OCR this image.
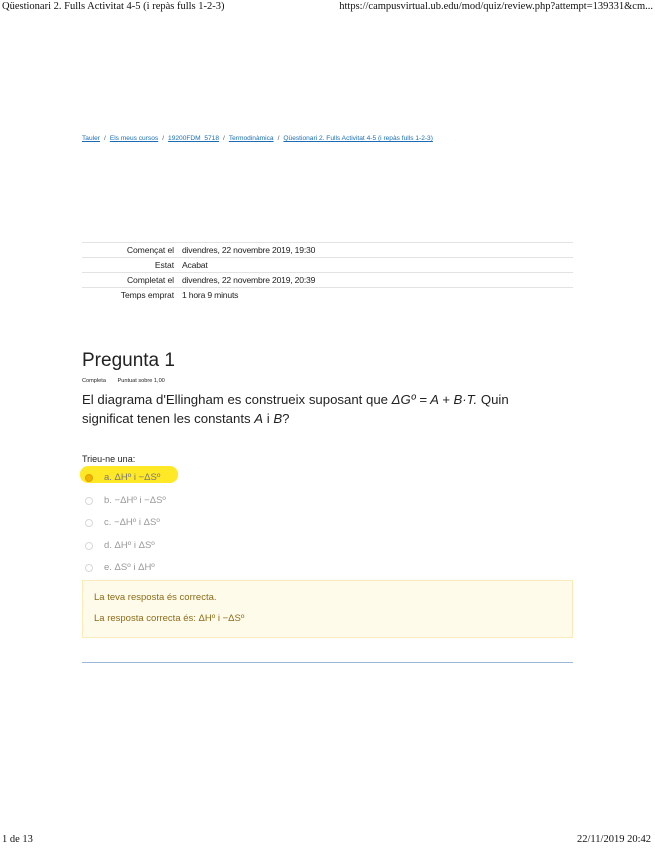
Qüestionari 2. Fulls Activitat 4-5 (i repàs fulls 1-2-3)	https://campusvirtual.ub.edu/mod/quiz/review.php?attempt=139331&cm...
Tauler / Els meus cursos / 19200FDM_5718 / Termodinàmica / Qüestionari 2. Fulls Activitat 4-5 (i repàs fulls 1-2-3)
Començat el	divendres, 22 novembre 2019, 19:30
Estat	Acabat
Completat el	divendres, 22 novembre 2019, 20:39
Temps emprat	1 hora 9 minuts
Pregunta 1
Completa Puntuat sobre 1,00
El diagrama d'Ellingham es construeix suposant que ΔGº = A + B·T. Quin significat tenen les constants A i B?
Trieu-ne una:
a. ΔHº i −ΔSº
b. −ΔHº i −ΔSº
c. −ΔHº i ΔSº
d. ΔHº i ΔSº
e. ΔSº i ΔHº
La teva resposta és correcta.
La resposta correcta és: ΔHº i −ΔSº
1 de 13	22/11/2019 20:42
